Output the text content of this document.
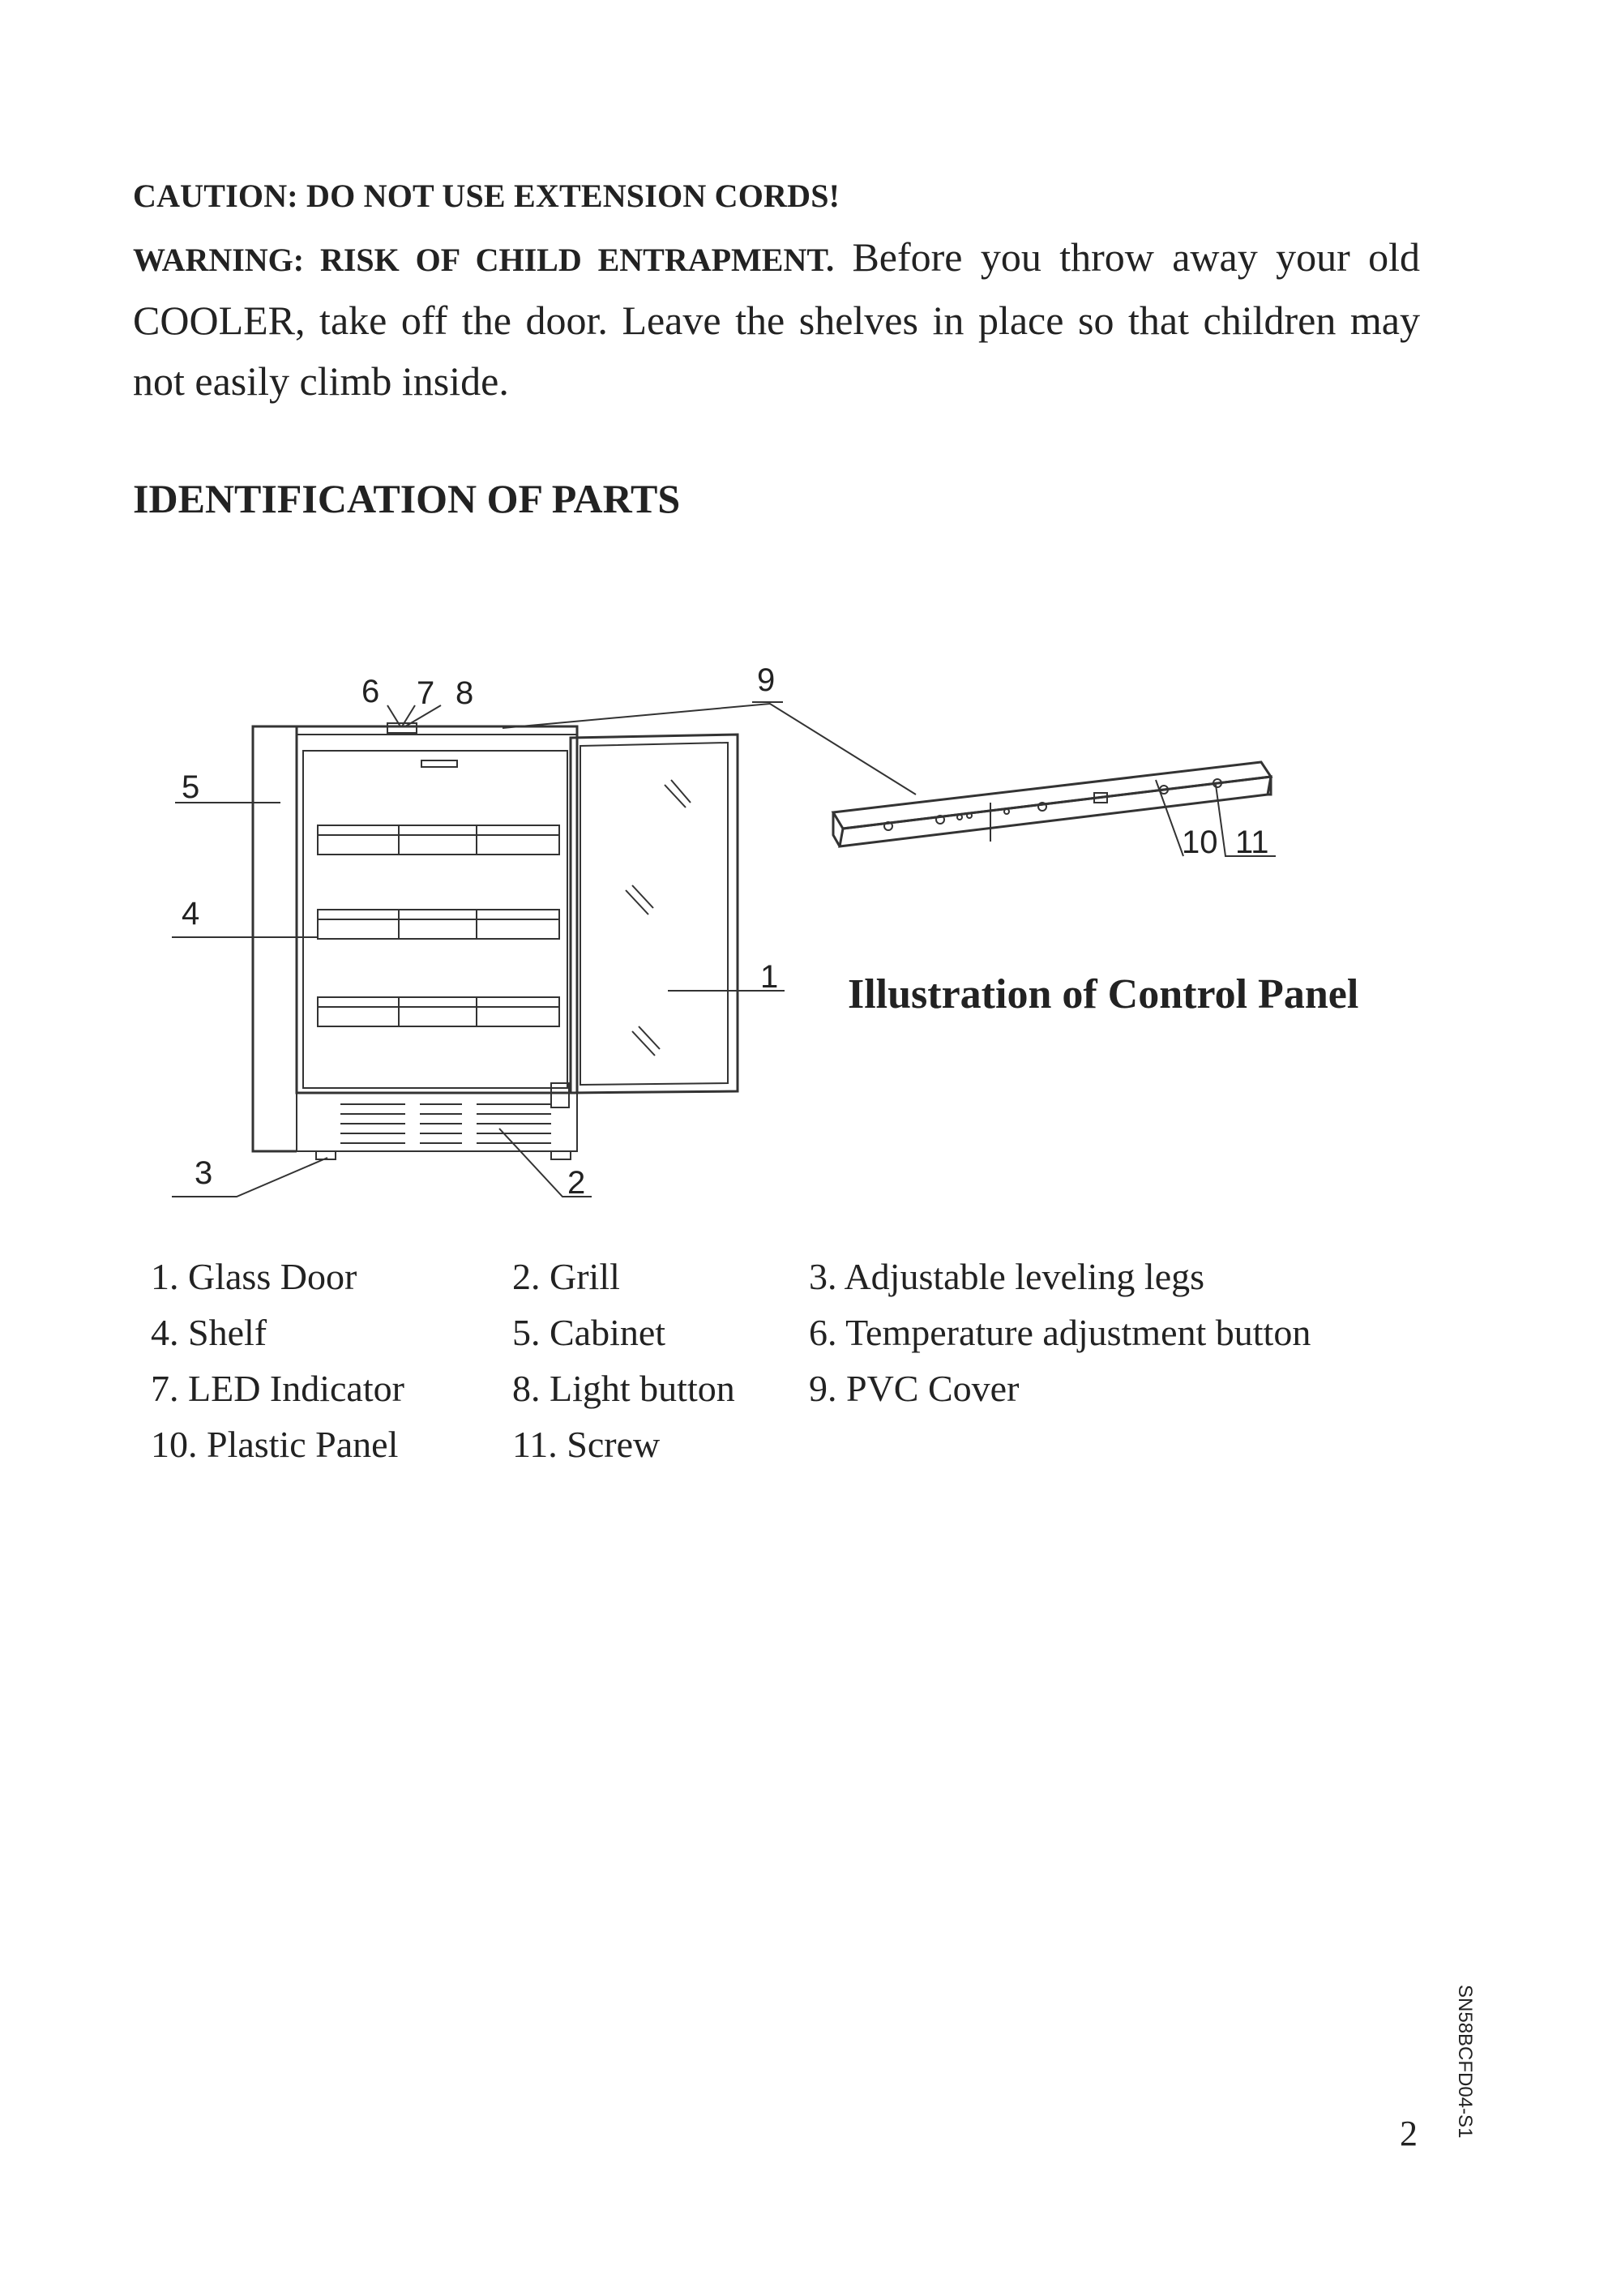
CAUTION: DO NOT USE EXTENSION CORDS!
WARNING: RISK OF CHILD ENTRAPMENT. Before you throw away your old COOLER, take off the door. Leave the shelves in place so that children may not easily climb inside.
IDENTIFICATION OF PARTS
1
2
3
4
5
6 7 8	9
10 11
Illustration of Control Panel
1. Glass Door	2. Grill	3. Adjustable leveling legs
4. Shelf	5. Cabinet	6. Temperature adjustment button
7. LED Indicator	8. Light button 9. PVC Cover
10. Plastic Panel	11. Screw
SN58BCFD04-S1
2
